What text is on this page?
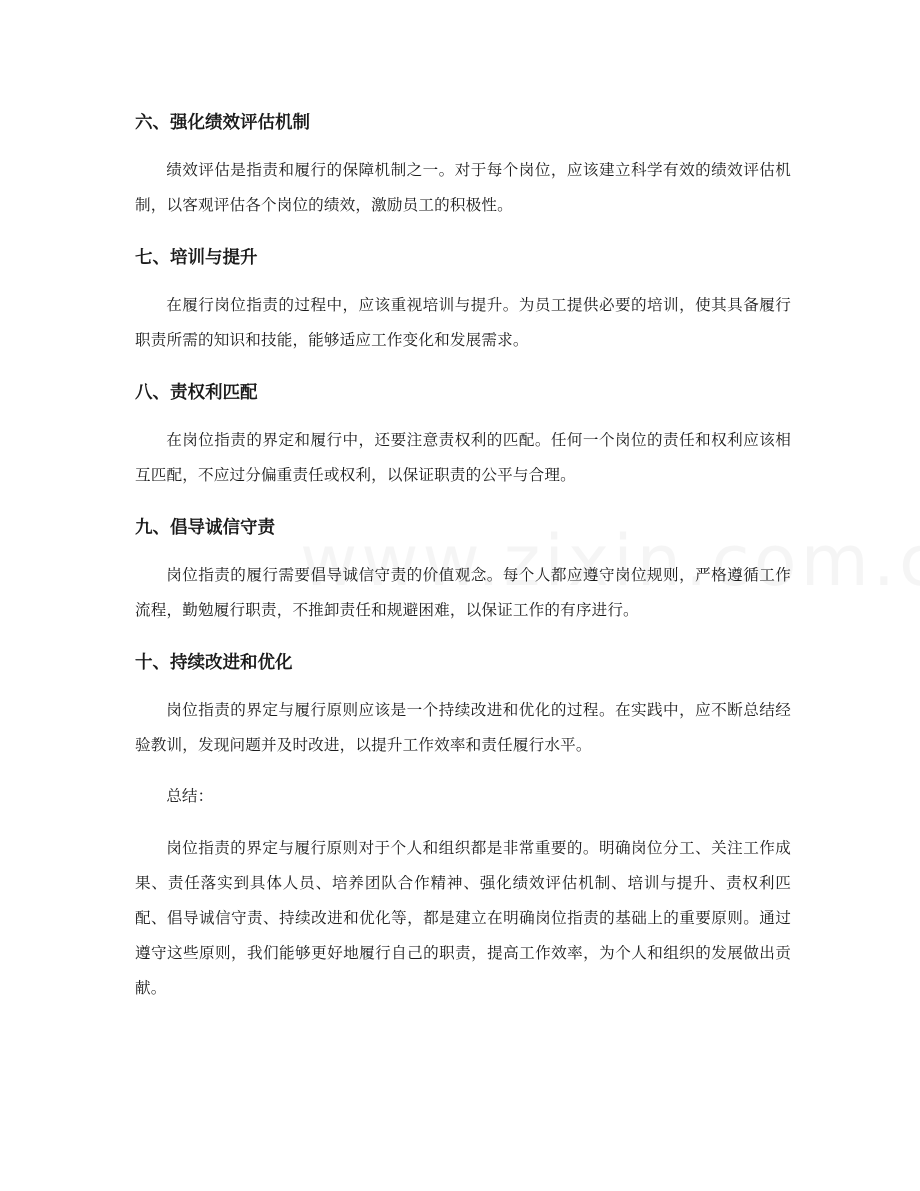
六、强化绩效评估机制

绩效评估是指责和履行的保障机制之一。对于每个岗位，应该建立科学有效的绩效评估机制，以客观评估各个岗位的绩效，激励员工的积极性。

七、培训与提升

在履行岗位指责的过程中，应该重视培训与提升。为员工提供必要的培训，使其具备履行职责所需的知识和技能，能够适应工作变化和发展需求。

八、责权利匹配

在岗位指责的界定和履行中，还要注意责权利的匹配。任何一个岗位的责任和权利应该相互匹配，不应过分偏重责任或权利，以保证职责的公平与合理。

九、倡导诚信守责

岗位指责的履行需要倡导诚信守责的价值观念。每个人都应遵守岗位规则，严格遵循工作流程，勤勉履行职责，不推卸责任和规避困难，以保证工作的有序进行。

十、持续改进和优化

岗位指责的界定与履行原则应该是一个持续改进和优化的过程。在实践中，应不断总结经验教训，发现问题并及时改进，以提升工作效率和责任履行水平。

总结：

岗位指责的界定与履行原则对于个人和组织都是非常重要的。明确岗位分工、关注工作成果、责任落实到具体人员、培养团队合作精神、强化绩效评估机制、培训与提升、责权利匹配、倡导诚信守责、持续改进和优化等，都是建立在明确岗位指责的基础上的重要原则。通过遵守这些原则，我们能够更好地履行自己的职责，提高工作效率，为个人和组织的发展做出贡献。
